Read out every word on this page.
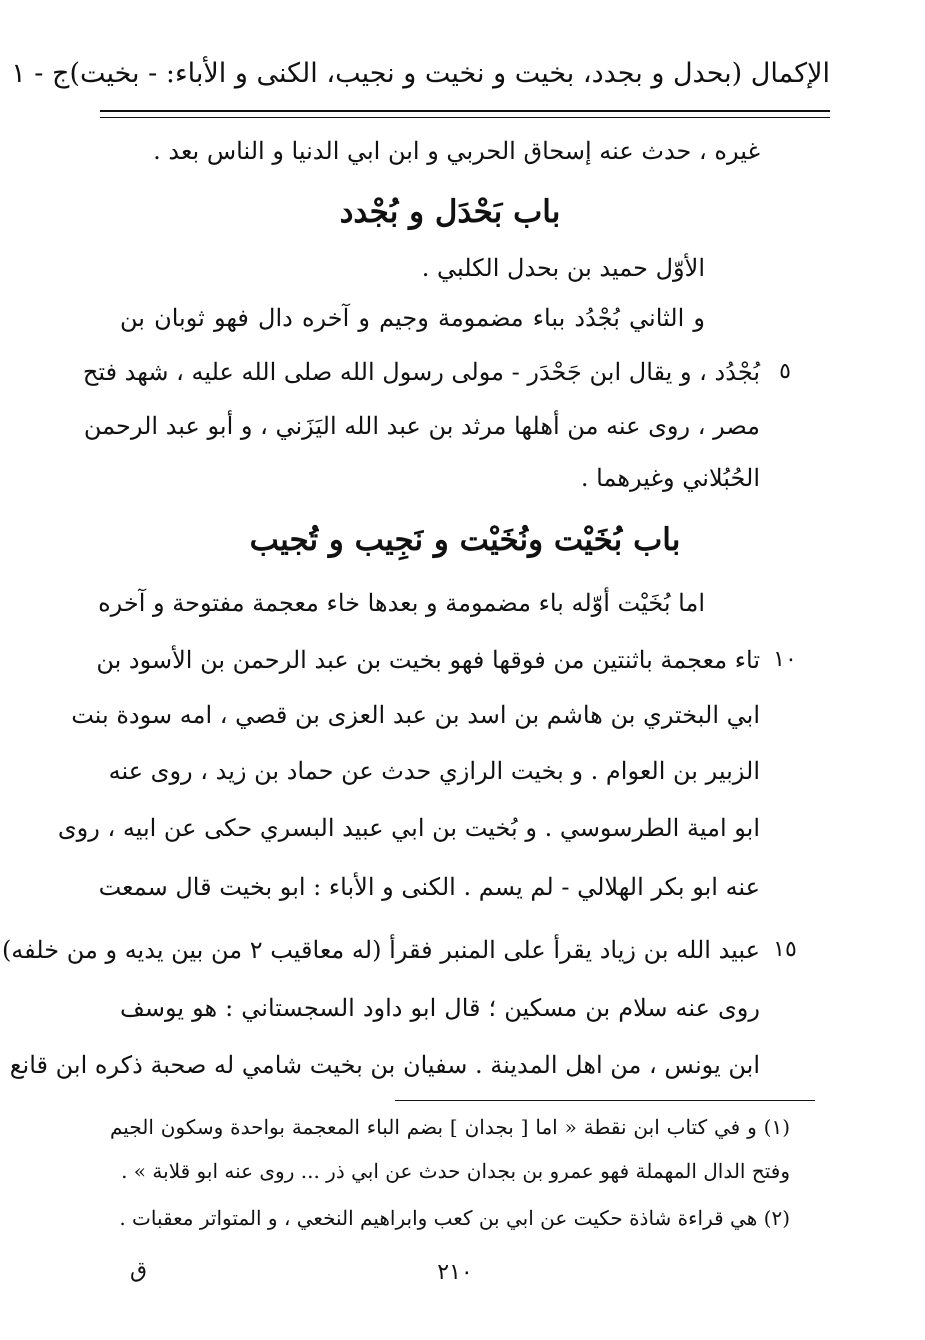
الإكمال (بحدل و بجدد، بخيت و نخيت و نجيب، الكنى و الأباء: - بخيت)
ج - ١
غيره ، حدث عنه إسحاق الحربي و ابن ابي الدنيا و الناس بعد .
باب بَحْدَل و بُجْدد
الأوّل حميد بن بحدل الكلبي .
و الثاني بُجْدُد بباء مضمومة وجيم و آخره دال فهو ثوبان بن
بُجْدُد ، و يقال ابن جَحْدَر - مولى رسول الله صلى الله عليه ، شهد فتح
مصر ، روى عنه من أهلها مرثد بن عبد الله اليَزَني ، و أبو عبد الرحمن
الحُبُلاني وغيرهما .
باب بُخَيْت ونُخَيْت و نَجِيب و تُجيب
اما بُخَيْت أوّله باء مضمومة و بعدها خاء معجمة مفتوحة و آخره
تاء معجمة باثنتين من فوقها فهو بخيت بن عبد الرحمن بن الأسود بن
ابي البختري بن هاشم بن اسد بن عبد العزى بن قصي ، امه سودة بنت
الزبير بن العوام . و بخيت الرازي حدث عن حماد بن زيد ، روى عنه
ابو امية الطرسوسي . و بُخيت بن ابي عبيد البسري حكى عن ابيه ، روى
عنه ابو بكر الهلالي - لم يسم . الكنى و الأباء : ابو بخيت قال سمعت
عبيد الله بن زياد يقرأ على المنبر فقرأ (له معاقيب ٢ من بين يديه و من خلفه)
روى عنه سلام بن مسكين ؛ قال ابو داود السجستاني : هو يوسف
ابن يونس ، من اهل المدينة . سفيان بن بخيت شامي له صحبة ذكره ابن قانع
٥
١٠
١٥
(١) و في كتاب ابن نقطة « اما [ بجدان ] بضم الباء المعجمة بواحدة وسكون الجيم
وفتح الدال المهملة فهو عمرو بن بجدان حدث عن ابي ذر ... روى عنه ابو قلابة » .
(٢) هي قراءة شاذة حكيت عن ابي بن كعب وابراهيم النخعي ، و المتواتر معقبات .
٢١٠
ق
